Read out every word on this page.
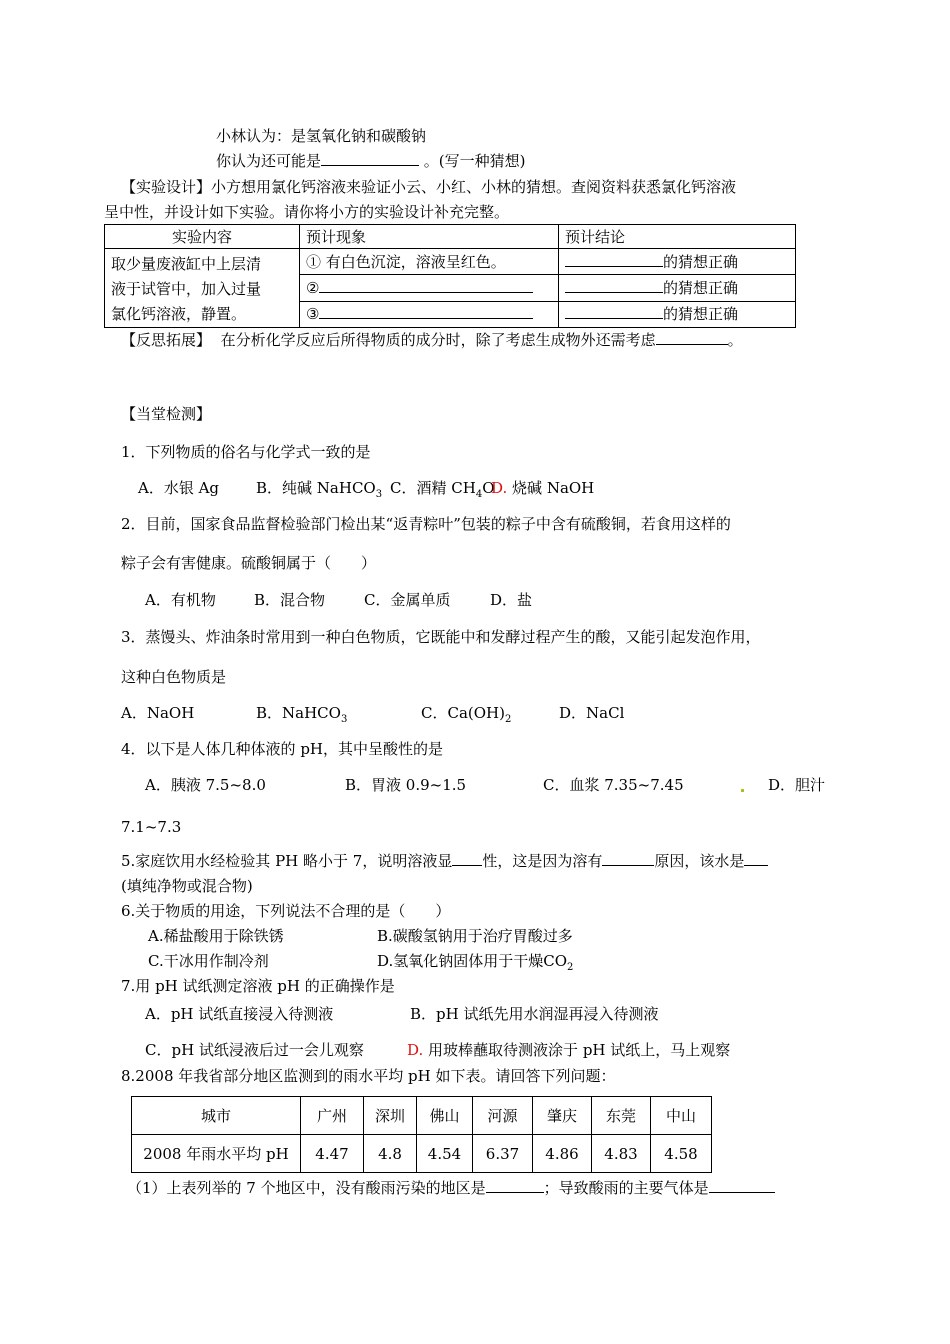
小林认为：是氢氧化钠和碳酸钠
你认为还可能是	。(写一种猜想)
【实验设计】小方想用氯化钙溶液来验证小云、小红、小林的猜想。查阅资料获悉氯化钙溶液
呈中性，并设计如下实验。请你将小方的实验设计补充完整。
实验内容	预计现象	预计结论

取少量废液缸中上层清
液于试管中，加入过量
氯化钙溶液，静置。	① 有白色沉淀，溶液呈红色。	的猜想正确
	②	的猜想正确
	③	的猜想正确
【反思拓展】 在分析化学反应后所得物质的成分时，除了考虑生成物外还需考虑	。
【当堂检测】
1．下列物质的俗名与化学式一致的是
A．水银 Ag B．纯碱 NaHCO$_3$ C．酒精 $CH_4O$
D. 烧碱 NaOH
2．目前，国家食品监督检验部门检出某“返青粽叶”包装的粽子中含有硫酸铜，若食用这样的
粽子会有害健康。硫酸铜属于（　　）
A．有机物	B．混合物	C．金属单质	D．盐
3．蒸馒头、炸油条时常用到一种白色物质，它既能中和发酵过程产生的酸，又能引起发泡作用，
这种白色物质是
A．NaOH	B．NaHCO$_3$	C．$Ca(OH)_2$	D．NaCl
4．以下是人体几种体液的 pH，其中呈酸性的是
A．胰液 7.5~8.0	B．胃液 0.9~1.5	C．血浆 7.35~7.45	D．胆汁
7.1~7.3
5.家庭饮用水经检验其 PH 略小于 7，说明溶液显 性，这是因为溶有	原因，该水是
(填纯净物或混合物)
6.关于物质的用途，下列说法不合理的是（　　）
A.稀盐酸用于除铁锈	B.碳酸氢钠用于治疗胃酸过多
C.干冰用作制冷剂	D.氢氧化钠固体用于干燥$CO_2$
7.用 pH 试纸测定溶液 pH 的正确操作是
A．pH 试纸直接浸入待测液	B．pH 试纸先用水润湿再浸入待测液
C．pH 试纸浸液后过一会儿观察	D. 用玻棒蘸取待测液涂于 pH 试纸上，马上观察
8.2008 年我省部分地区监测到的雨水平均 pH 如下表。请回答下列问题：
城市	广州	深圳	佛山	河源	肇庆	东莞	中山
2008 年雨水平均 pH	4.47	4.8	4.54	6.37	4.86	4.83	4.58
（1）上表列举的 7 个地区中，没有酸雨污染的地区是	；导致酸雨的主要气体是
